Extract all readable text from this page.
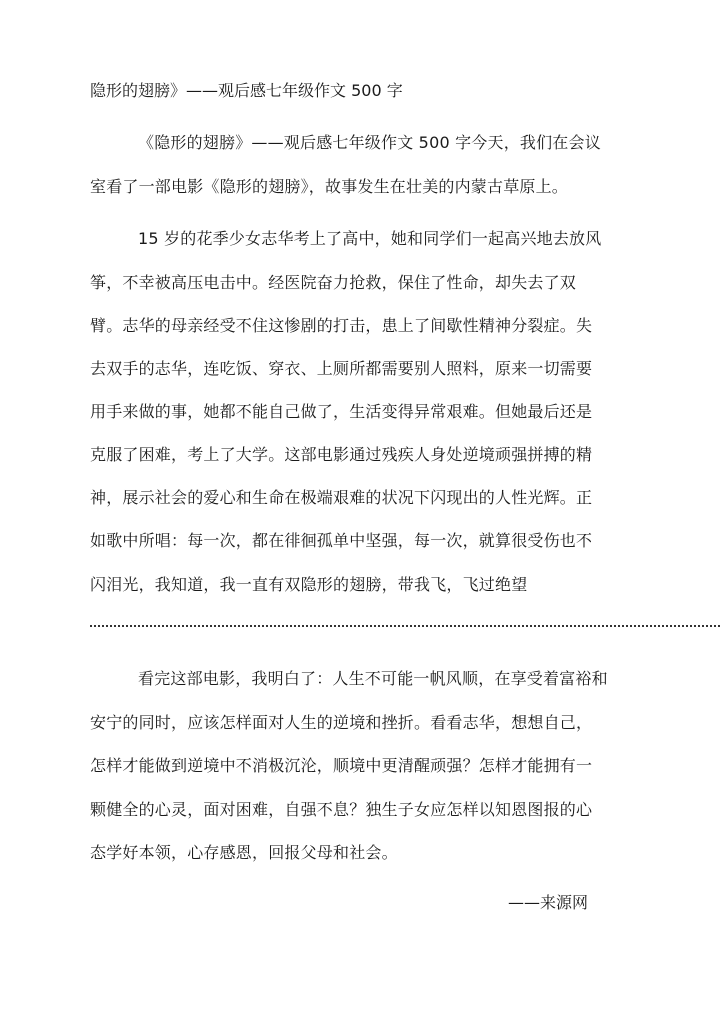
隐形的翅膀》——观后感七年级作文 500 字
《隐形的翅膀》——观后感七年级作文 500 字今天，我们在会议
室看了一部电影《隐形的翅膀》，故事发生在壮美的内蒙古草原上。
15 岁的花季少女志华考上了高中，她和同学们一起高兴地去放风
筝，不幸被高压电击中。经医院奋力抢救，保住了性命，却失去了双
臂。志华的母亲经受不住这惨剧的打击，患上了间歇性精神分裂症。失
去双手的志华，连吃饭、穿衣、上厕所都需要别人照料，原来一切需要
用手来做的事，她都不能自己做了，生活变得异常艰难。但她最后还是
克服了困难，考上了大学。这部电影通过残疾人身处逆境顽强拼搏的精
神，展示社会的爱心和生命在极端艰难的状况下闪现出的人性光辉。正
如歌中所唱：每一次，都在徘徊孤单中坚强，每一次，就算很受伤也不
闪泪光，我知道，我一直有双隐形的翅膀，带我飞，飞过绝望
看完这部电影，我明白了：人生不可能一帆风顺，在享受着富裕和
安宁的同时，应该怎样面对人生的逆境和挫折。看看志华，想想自己，
怎样才能做到逆境中不消极沉沦，顺境中更清醒顽强？怎样才能拥有一
颗健全的心灵，面对困难，自强不息？独生子女应怎样以知恩图报的心
态学好本领，心存感恩，回报父母和社会。
——来源网
